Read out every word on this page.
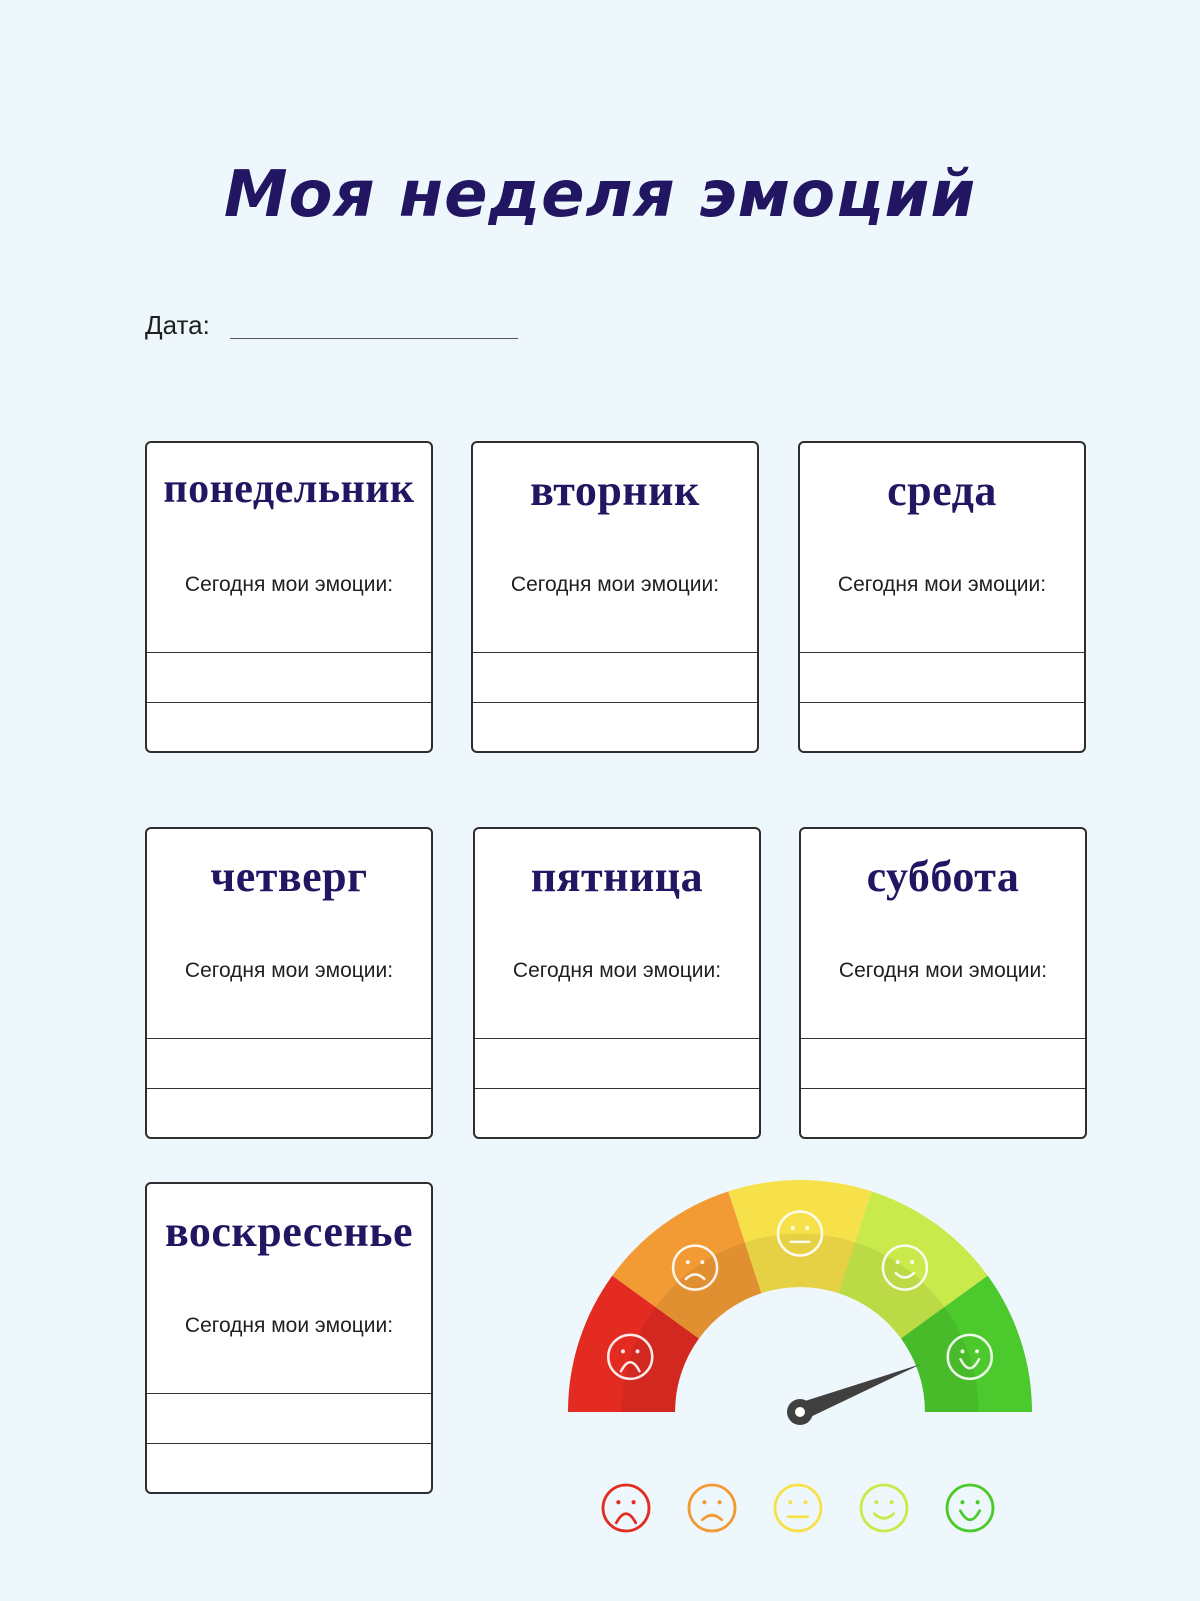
Моя неделя эмоций
Дата:
понедельник
Сегодня мои эмоции:
вторник
Сегодня мои эмоции:
среда
Сегодня мои эмоции:
четверг
Сегодня мои эмоции:
пятница
Сегодня мои эмоции:
суббота
Сегодня мои эмоции:
воскресенье
Сегодня мои эмоции:
